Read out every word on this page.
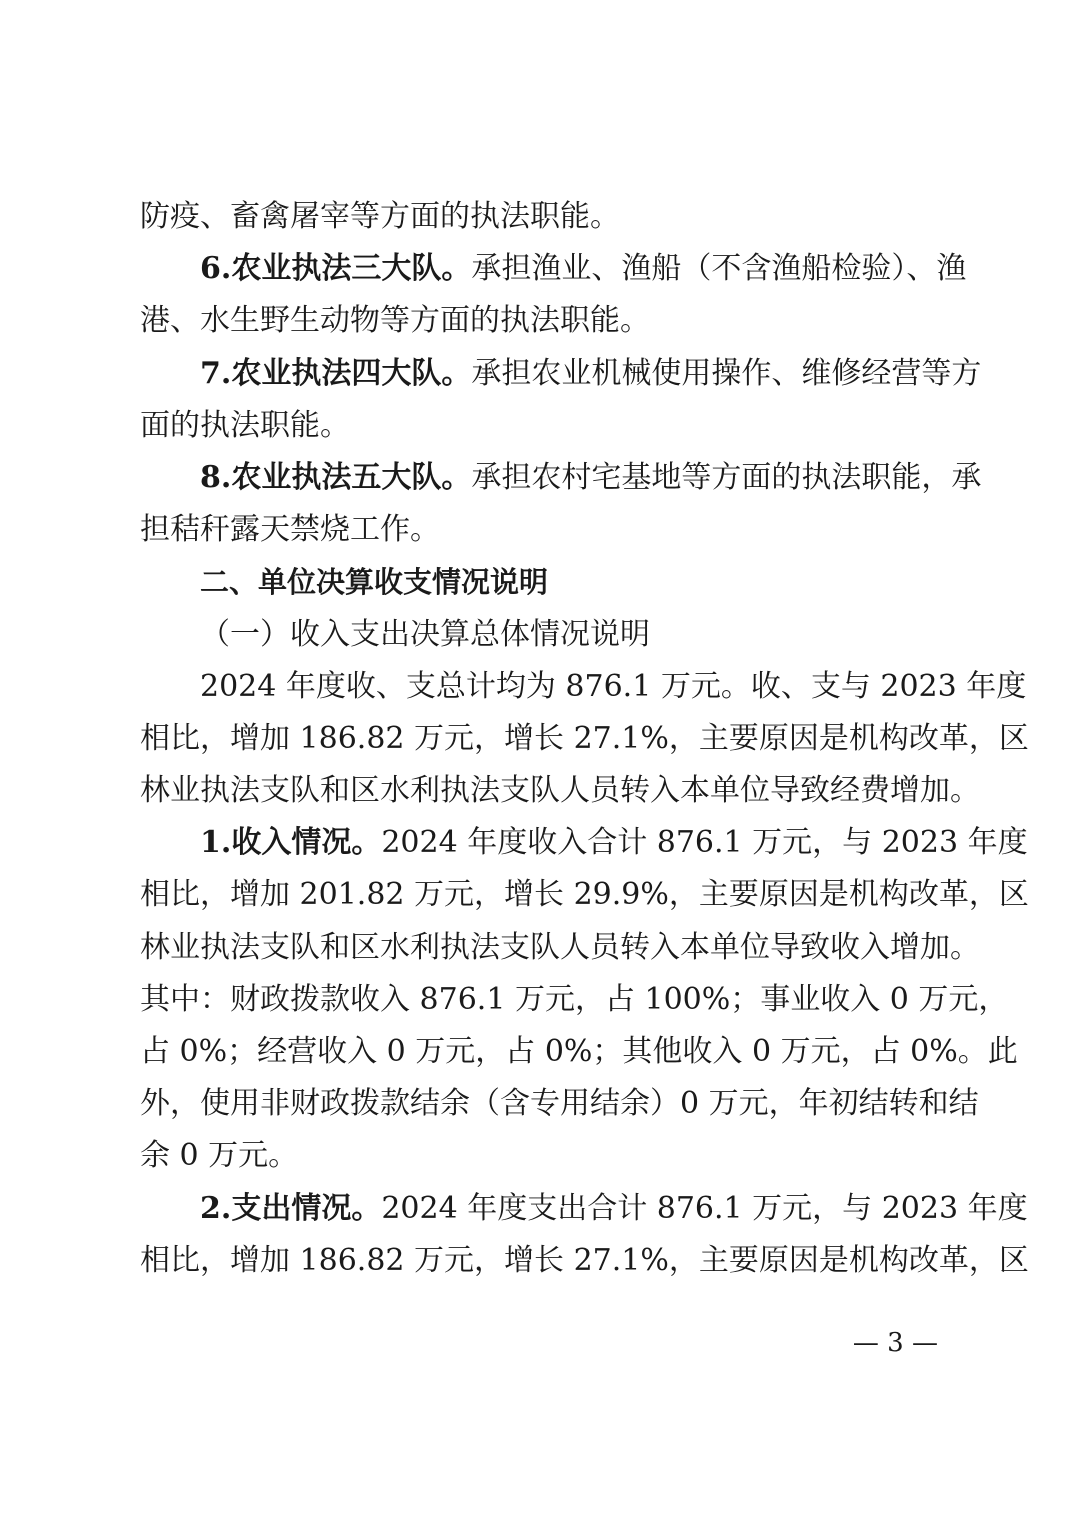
防疫、畜禽屠宰等方面的执法职能。
6.农业执法三大队。承担渔业、渔船（不含渔船检验）、渔
港、水生野生动物等方面的执法职能。
7.农业执法四大队。承担农业机械使用操作、维修经营等方
面的执法职能。
8.农业执法五大队。承担农村宅基地等方面的执法职能，承
担秸秆露天禁烧工作。
二、单位决算收支情况说明
（一）收入支出决算总体情况说明
2024 年度收、支总计均为 876.1 万元。收、支与 2023 年度
相比，增加 186.82 万元，增长 27.1%，主要原因是机构改革，区
林业执法支队和区水利执法支队人员转入本单位导致经费增加。
1.收入情况。2024 年度收入合计 876.1 万元，与 2023 年度
相比，增加 201.82 万元，增长 29.9%，主要原因是机构改革，区
林业执法支队和区水利执法支队人员转入本单位导致收入增加。
其中：财政拨款收入 876.1 万元，占 100%；事业收入 0 万元，
占 0%；经营收入 0 万元，占 0%；其他收入 0 万元，占 0%。此
外，使用非财政拨款结余（含专用结余）0 万元，年初结转和结
余 0 万元。
2.支出情况。2024 年度支出合计 876.1 万元，与 2023 年度
相比，增加 186.82 万元，增长 27.1%，主要原因是机构改革，区
— 3 —
